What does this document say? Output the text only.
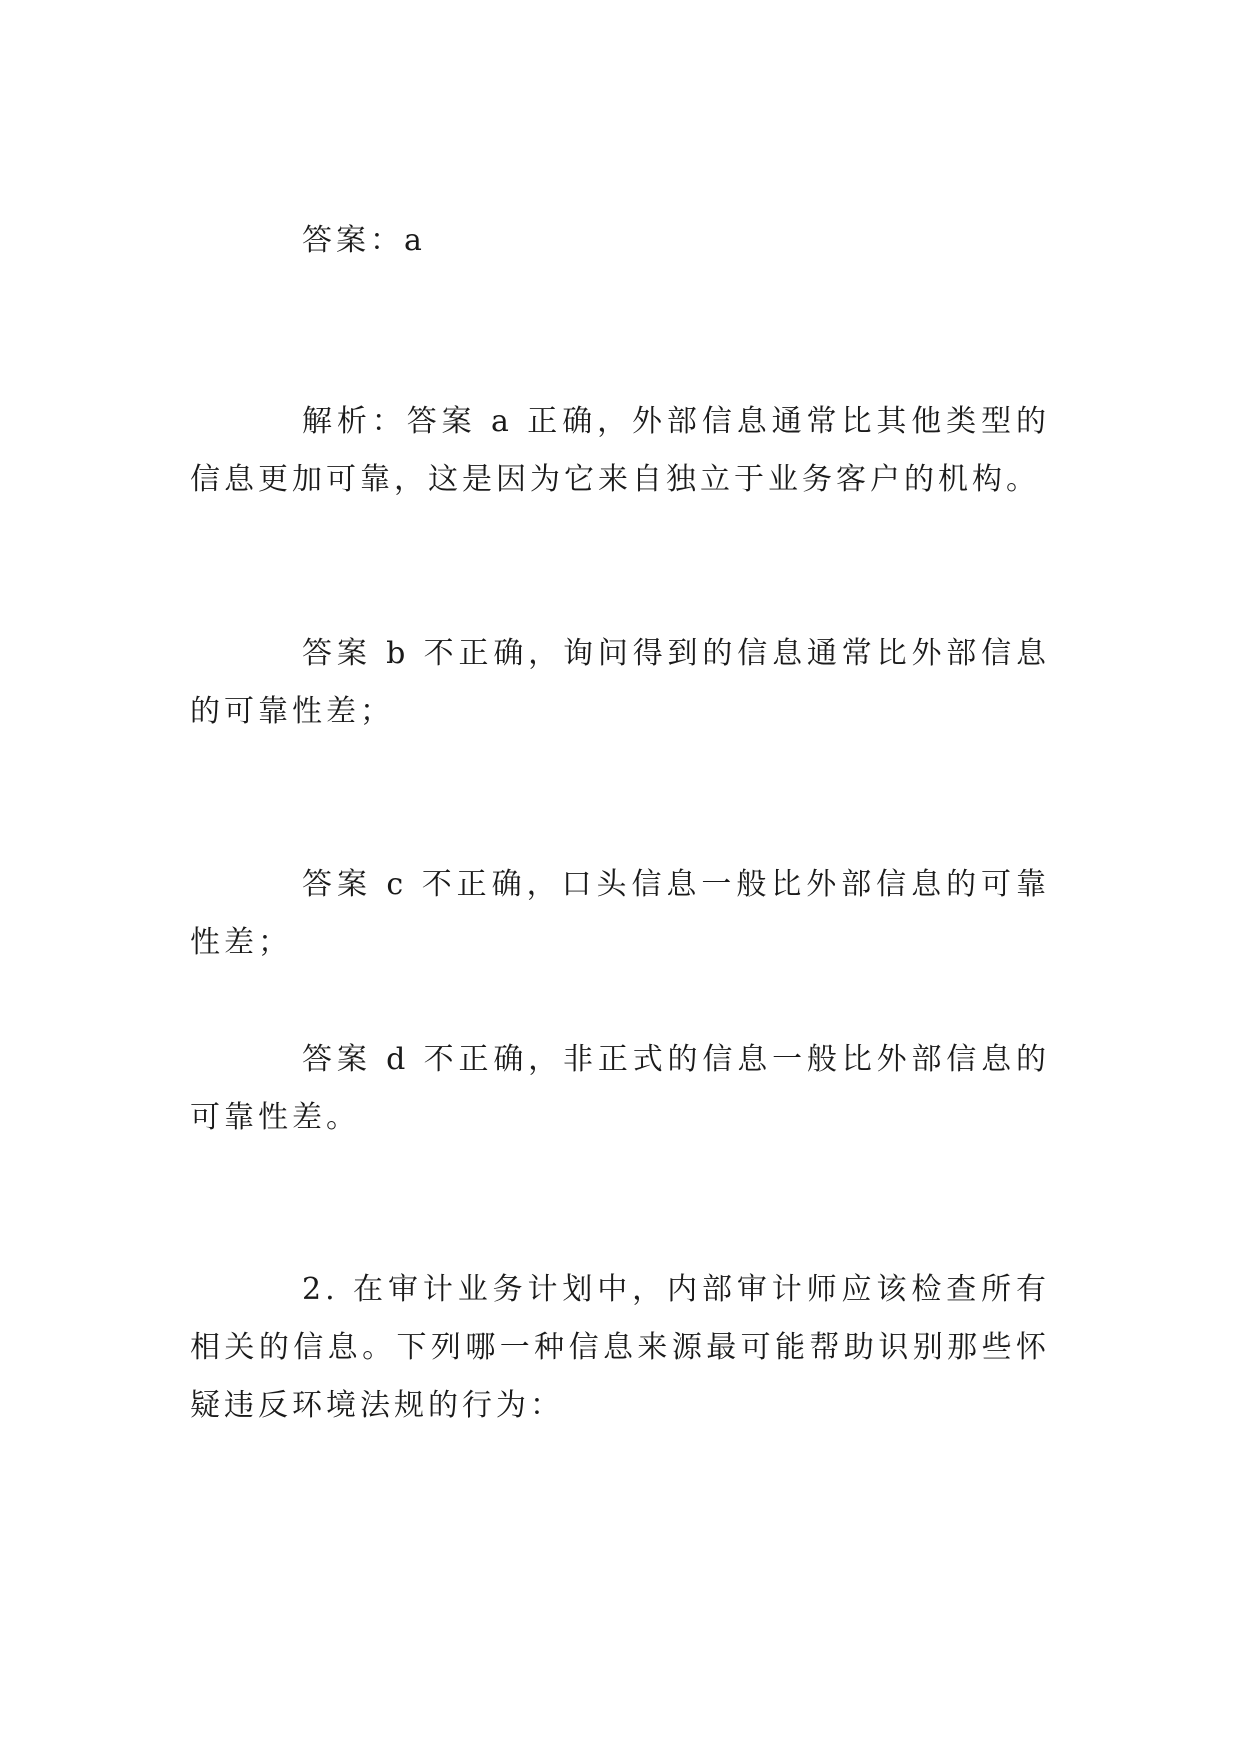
答案：a

解析：答案 a 正确，外部信息通常比其他类型的信息更加可靠，这是因为它来自独立于业务客户的机构。

答案 b 不正确，询问得到的信息通常比外部信息的可靠性差；

答案 c 不正确，口头信息一般比外部信息的可靠性差；

答案 d 不正确，非正式的信息一般比外部信息的可靠性差。

2. 在审计业务计划中，内部审计师应该检查所有相关的信息。下列哪一种信息来源最可能帮助识别那些怀疑违反环境法规的行为：
